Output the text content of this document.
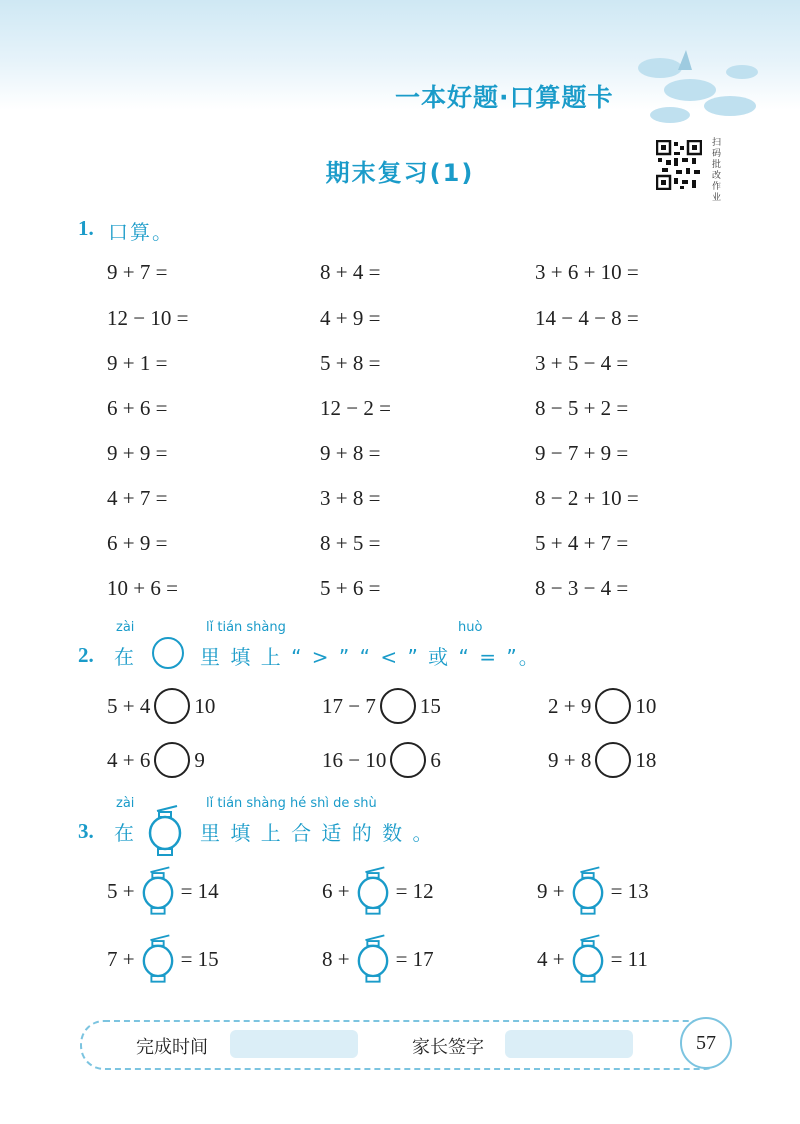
一本好题·口算题卡
期末复习(1)
扫码批改作业
1. 口算。
9 + 7 =	8 + 4 =	3 + 6 + 10 =
12 − 10 =	4 + 9 =	14 − 4 − 8 =
9 + 1 =	5 + 8 =	3 + 5 − 4 =
6 + 6 =	12 − 2 =	8 − 5 + 2 =
9 + 9 =	9 + 8 =	9 − 7 + 9 =
4 + 7 =	3 + 8 =	8 − 2 + 10 =
6 + 9 =	8 + 5 =	5 + 4 + 7 =
10 + 6 =	5 + 6 =	8 − 3 − 4 =
zài	lǐ tián shàng	huò
2. 在	里 填 上 “ > ” “ < ” 或 “ = ”。
5 + 4 10	17 − 7 15	2 + 9 10
4 + 6 9	16 − 10 6	9 + 8 18
zài	lǐ tián shàng hé shì de shù
3. 在	里 填 上 合 适 的 数 。
5 + = 14	6 + = 12	9 + = 13
7 + = 15	8 + = 17	4 + = 11
完成时间	家长签字	57
